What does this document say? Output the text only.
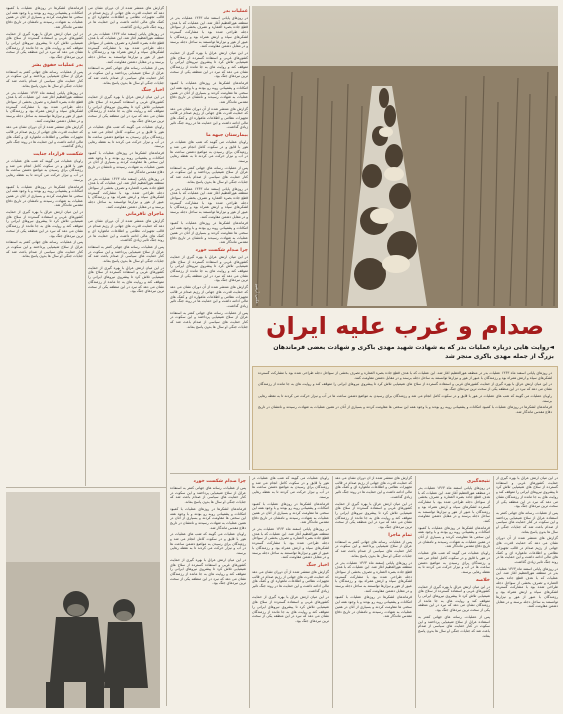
عکس: آرشیو
صدام و غرب علیه ایران
◄روایت هایی درباره عملیات بدر که به شهادت شهید مهدی باکری و شهادت بعضی فرماندهان بزرگ از جمله مهدی باکری منجر شد

در روزهای پایانی اسفند ماه ۱۳۶۳ عملیات بدر در منطقه هورالعظیم آغاز شد. این عملیات که با هدف قطع جاده بصره العماره و تصرف بخشی از سواحل دجله طراحی شده بود با مشارکت گسترده لشکرهای سپاه و ارتش همراه بود و رزمندگان با عبور از هور و نیزارها توانستند به ساحل دجله برسند و در مقابل دشمن مقاومت کنند.

در این میان ارتش عراق با بهره گیری از حمایت کشورهای غربی و استفاده گسترده از سلاح های شیمیایی تلاش کرد تا پیشروی نیروهای ایرانی را متوقف کند و روایت های به جا مانده از رزمندگان نشان می دهد که نبرد در این منطقه یکی از سخت ترین نبردهای جنگ بود.

راویان عملیات می گویند که شب های عملیات در هور با قایق و در سکوت کامل انجام می شد و رزمندگان برای رسیدن به مواضع دشمن ساعت ها در آب و نیزار حرکت می کردند تا به نقطه رهایی برسند.

فرماندهان لشکرها در روزهای عملیات با کمبود امکانات و پشتیبانی روبه رو بودند و با وجود همه این سختی ها مقاومت کردند و بسیاری از آنان در همین عملیات به شهادت رسیدند و نامشان در تاریخ دفاع مقدس ماندگار شد.

عملیات بدر

در روزهای پایانی اسفند ماه ۱۳۶۳ عملیات بدر در منطقه هورالعظیم آغاز شد. این عملیات که با هدف قطع جاده بصره العماره و تصرف بخشی از سواحل دجله طراحی شده بود با مشارکت گسترده لشکرهای سپاه و ارتش همراه بود و رزمندگان با عبور از هور و نیزارها توانستند به ساحل دجله برسند و در مقابل دشمن مقاومت کنند.

در این میان ارتش عراق با بهره گیری از حمایت کشورهای غربی و استفاده گسترده از سلاح های شیمیایی تلاش کرد تا پیشروی نیروهای ایرانی را متوقف کند و روایت های به جا مانده از رزمندگان نشان می دهد که نبرد در این منطقه یکی از سخت ترین نبردهای جنگ بود.

فرماندهان لشکرها در روزهای عملیات با کمبود امکانات و پشتیبانی روبه رو بودند و با وجود همه این سختی ها مقاومت کردند و بسیاری از آنان در همین عملیات به شهادت رسیدند و نامشان در تاریخ دفاع مقدس ماندگار شد.

گزارش های منتشر شده از آن دوران نشان می دهد که حمایت قدرت های جهانی از رژیم صدام در قالب تجهیزات نظامی و اطلاعات ماهواره ای و کمک های مالی ادامه داشت و این حمایت ها در روند جنگ تاثیر زیادی گذاشت.

بیمارستان جبهه ما

راویان عملیات می گویند که شب های عملیات در هور با قایق و در سکوت کامل انجام می شد و رزمندگان برای رسیدن به مواضع دشمن ساعت ها در آب و نیزار حرکت می کردند تا به نقطه رهایی برسند.

پس از عملیات، رسانه های جهانی کمتر به استفاده عراق از سلاح شیمیایی پرداختند و این سکوت در کنار حمایت های سیاسی از صدام باعث شد که جنایات جنگی او سال ها بدون پاسخ بماند.

در روزهای پایانی اسفند ماه ۱۳۶۳ عملیات بدر در منطقه هورالعظیم آغاز شد. این عملیات که با هدف قطع جاده بصره العماره و تصرف بخشی از سواحل دجله طراحی شده بود با مشارکت گسترده لشکرهای سپاه و ارتش همراه بود و رزمندگان با عبور از هور و نیزارها توانستند به ساحل دجله برسند و در مقابل دشمن مقاومت کنند.

فرماندهان لشکرها در روزهای عملیات با کمبود امکانات و پشتیبانی روبه رو بودند و با وجود همه این سختی ها مقاومت کردند و بسیاری از آنان در همین عملیات به شهادت رسیدند و نامشان در تاریخ دفاع مقدس ماندگار شد.

چرا صدام شکست خورد

در این میان ارتش عراق با بهره گیری از حمایت کشورهای غربی و استفاده گسترده از سلاح های شیمیایی تلاش کرد تا پیشروی نیروهای ایرانی را متوقف کند و روایت های به جا مانده از رزمندگان نشان می دهد که نبرد در این منطقه یکی از سخت ترین نبردهای جنگ بود.

گزارش های منتشر شده از آن دوران نشان می دهد که حمایت قدرت های جهانی از رژیم صدام در قالب تجهیزات نظامی و اطلاعات ماهواره ای و کمک های مالی ادامه داشت و این حمایت ها در روند جنگ تاثیر زیادی گذاشت.

پس از عملیات، رسانه های جهانی کمتر به استفاده عراق از سلاح شیمیایی پرداختند و این سکوت در کنار حمایت های سیاسی از صدام باعث شد که جنایات جنگی او سال ها بدون پاسخ بماند.

گزارش های منتشر شده از آن دوران نشان می دهد که حمایت قدرت های جهانی از رژیم صدام در قالب تجهیزات نظامی و اطلاعات ماهواره ای و کمک های مالی ادامه داشت و این حمایت ها در روند جنگ تاثیر زیادی گذاشت.

در روزهای پایانی اسفند ماه ۱۳۶۳ عملیات بدر در منطقه هورالعظیم آغاز شد. این عملیات که با هدف قطع جاده بصره العماره و تصرف بخشی از سواحل دجله طراحی شده بود با مشارکت گسترده لشکرهای سپاه و ارتش همراه بود و رزمندگان با عبور از هور و نیزارها توانستند به ساحل دجله برسند و در مقابل دشمن مقاومت کنند.

پس از عملیات، رسانه های جهانی کمتر به استفاده عراق از سلاح شیمیایی پرداختند و این سکوت در کنار حمایت های سیاسی از صدام باعث شد که جنایات جنگی او سال ها بدون پاسخ بماند.

اخبار جنگ

در این میان ارتش عراق با بهره گیری از حمایت کشورهای غربی و استفاده گسترده از سلاح های شیمیایی تلاش کرد تا پیشروی نیروهای ایرانی را متوقف کند و روایت های به جا مانده از رزمندگان نشان می دهد که نبرد در این منطقه یکی از سخت ترین نبردهای جنگ بود.

راویان عملیات می گویند که شب های عملیات در هور با قایق و در سکوت کامل انجام می شد و رزمندگان برای رسیدن به مواضع دشمن ساعت ها در آب و نیزار حرکت می کردند تا به نقطه رهایی برسند.

فرماندهان لشکرها در روزهای عملیات با کمبود امکانات و پشتیبانی روبه رو بودند و با وجود همه این سختی ها مقاومت کردند و بسیاری از آنان در همین عملیات به شهادت رسیدند و نامشان در تاریخ دفاع مقدس ماندگار شد.

در روزهای پایانی اسفند ماه ۱۳۶۳ عملیات بدر در منطقه هورالعظیم آغاز شد. این عملیات که با هدف قطع جاده بصره العماره و تصرف بخشی از سواحل دجله طراحی شده بود با مشارکت گسترده لشکرهای سپاه و ارتش همراه بود و رزمندگان با عبور از هور و نیزارها توانستند به ساحل دجله برسند و در مقابل دشمن مقاومت کنند.

ماجرای نافرمانی

گزارش های منتشر شده از آن دوران نشان می دهد که حمایت قدرت های جهانی از رژیم صدام در قالب تجهیزات نظامی و اطلاعات ماهواره ای و کمک های مالی ادامه داشت و این حمایت ها در روند جنگ تاثیر زیادی گذاشت.

پس از عملیات، رسانه های جهانی کمتر به استفاده عراق از سلاح شیمیایی پرداختند و این سکوت در کنار حمایت های سیاسی از صدام باعث شد که جنایات جنگی او سال ها بدون پاسخ بماند.

در این میان ارتش عراق با بهره گیری از حمایت کشورهای غربی و استفاده گسترده از سلاح های شیمیایی تلاش کرد تا پیشروی نیروهای ایرانی را متوقف کند و روایت های به جا مانده از رزمندگان نشان می دهد که نبرد در این منطقه یکی از سخت ترین نبردهای جنگ بود.

فرماندهان لشکرها در روزهای عملیات با کمبود امکانات و پشتیبانی روبه رو بودند و با وجود همه این سختی ها مقاومت کردند و بسیاری از آنان در همین عملیات به شهادت رسیدند و نامشان در تاریخ دفاع مقدس ماندگار شد.

در این میان ارتش عراق با بهره گیری از حمایت کشورهای غربی و استفاده گسترده از سلاح های شیمیایی تلاش کرد تا پیشروی نیروهای ایرانی را متوقف کند و روایت های به جا مانده از رزمندگان نشان می دهد که نبرد در این منطقه یکی از سخت ترین نبردهای جنگ بود.

بدر عملیات حقوق بشر

پس از عملیات، رسانه های جهانی کمتر به استفاده عراق از سلاح شیمیایی پرداختند و این سکوت در کنار حمایت های سیاسی از صدام باعث شد که جنایات جنگی او سال ها بدون پاسخ بماند.

در روزهای پایانی اسفند ماه ۱۳۶۳ عملیات بدر در منطقه هورالعظیم آغاز شد. این عملیات که با هدف قطع جاده بصره العماره و تصرف بخشی از سواحل دجله طراحی شده بود با مشارکت گسترده لشکرهای سپاه و ارتش همراه بود و رزمندگان با عبور از هور و نیزارها توانستند به ساحل دجله برسند و در مقابل دشمن مقاومت کنند.

گزارش های منتشر شده از آن دوران نشان می دهد که حمایت قدرت های جهانی از رژیم صدام در قالب تجهیزات نظامی و اطلاعات ماهواره ای و کمک های مالی ادامه داشت و این حمایت ها در روند جنگ تاثیر زیادی گذاشت.

شکست قرارداد جنایت

راویان عملیات می گویند که شب های عملیات در هور با قایق و در سکوت کامل انجام می شد و رزمندگان برای رسیدن به مواضع دشمن ساعت ها در آب و نیزار حرکت می کردند تا به نقطه رهایی برسند.

فرماندهان لشکرها در روزهای عملیات با کمبود امکانات و پشتیبانی روبه رو بودند و با وجود همه این سختی ها مقاومت کردند و بسیاری از آنان در همین عملیات به شهادت رسیدند و نامشان در تاریخ دفاع مقدس ماندگار شد.

در این میان ارتش عراق با بهره گیری از حمایت کشورهای غربی و استفاده گسترده از سلاح های شیمیایی تلاش کرد تا پیشروی نیروهای ایرانی را متوقف کند و روایت های به جا مانده از رزمندگان نشان می دهد که نبرد در این منطقه یکی از سخت ترین نبردهای جنگ بود.

پس از عملیات، رسانه های جهانی کمتر به استفاده عراق از سلاح شیمیایی پرداختند و این سکوت در کنار حمایت های سیاسی از صدام باعث شد که جنایات جنگی او سال ها بدون پاسخ بماند.

در این میان ارتش عراق با بهره گیری از حمایت کشورهای غربی و استفاده گسترده از سلاح های شیمیایی تلاش کرد تا پیشروی نیروهای ایرانی را متوقف کند و روایت های به جا مانده از رزمندگان نشان می دهد که نبرد در این منطقه یکی از سخت ترین نبردهای جنگ بود.

پس از عملیات، رسانه های جهانی کمتر به استفاده عراق از سلاح شیمیایی پرداختند و این سکوت در کنار حمایت های سیاسی از صدام باعث شد که جنایات جنگی او سال ها بدون پاسخ بماند.

گزارش های منتشر شده از آن دوران نشان می دهد که حمایت قدرت های جهانی از رژیم صدام در قالب تجهیزات نظامی و اطلاعات ماهواره ای و کمک های مالی ادامه داشت و این حمایت ها در روند جنگ تاثیر زیادی گذاشت.

در روزهای پایانی اسفند ماه ۱۳۶۳ عملیات بدر در منطقه هورالعظیم آغاز شد. این عملیات که با هدف قطع جاده بصره العماره و تصرف بخشی از سواحل دجله طراحی شده بود با مشارکت گسترده لشکرهای سپاه و ارتش همراه بود و رزمندگان با عبور از هور و نیزارها توانستند به ساحل دجله برسند و در مقابل دشمن مقاومت کنند.

نتیجه‌گیری

در روزهای پایانی اسفند ماه ۱۳۶۳ عملیات بدر در منطقه هورالعظیم آغاز شد. این عملیات که با هدف قطع جاده بصره العماره و تصرف بخشی از سواحل دجله طراحی شده بود با مشارکت گسترده لشکرهای سپاه و ارتش همراه بود و رزمندگان با عبور از هور و نیزارها توانستند به ساحل دجله برسند و در مقابل دشمن مقاومت کنند.

فرماندهان لشکرها در روزهای عملیات با کمبود امکانات و پشتیبانی روبه رو بودند و با وجود همه این سختی ها مقاومت کردند و بسیاری از آنان در همین عملیات به شهادت رسیدند و نامشان در تاریخ دفاع مقدس ماندگار شد.

راویان عملیات می گویند که شب های عملیات در هور با قایق و در سکوت کامل انجام می شد و رزمندگان برای رسیدن به مواضع دشمن ساعت ها در آب و نیزار حرکت می کردند تا به نقطه رهایی برسند.

خلاصه

در این میان ارتش عراق با بهره گیری از حمایت کشورهای غربی و استفاده گسترده از سلاح های شیمیایی تلاش کرد تا پیشروی نیروهای ایرانی را متوقف کند و روایت های به جا مانده از رزمندگان نشان می دهد که نبرد در این منطقه یکی از سخت ترین نبردهای جنگ بود.

پس از عملیات، رسانه های جهانی کمتر به استفاده عراق از سلاح شیمیایی پرداختند و این سکوت در کنار حمایت های سیاسی از صدام باعث شد که جنایات جنگی او سال ها بدون پاسخ بماند.

گزارش های منتشر شده از آن دوران نشان می دهد که حمایت قدرت های جهانی از رژیم صدام در قالب تجهیزات نظامی و اطلاعات ماهواره ای و کمک های مالی ادامه داشت و این حمایت ها در روند جنگ تاثیر زیادی گذاشت.

در این میان ارتش عراق با بهره گیری از حمایت کشورهای غربی و استفاده گسترده از سلاح های شیمیایی تلاش کرد تا پیشروی نیروهای ایرانی را متوقف کند و روایت های به جا مانده از رزمندگان نشان می دهد که نبرد در این منطقه یکی از سخت ترین نبردهای جنگ بود.

تمام ماجرا

پس از عملیات، رسانه های جهانی کمتر به استفاده عراق از سلاح شیمیایی پرداختند و این سکوت در کنار حمایت های سیاسی از صدام باعث شد که جنایات جنگی او سال ها بدون پاسخ بماند.

در روزهای پایانی اسفند ماه ۱۳۶۳ عملیات بدر در منطقه هورالعظیم آغاز شد. این عملیات که با هدف قطع جاده بصره العماره و تصرف بخشی از سواحل دجله طراحی شده بود با مشارکت گسترده لشکرهای سپاه و ارتش همراه بود و رزمندگان با عبور از هور و نیزارها توانستند به ساحل دجله برسند و در مقابل دشمن مقاومت کنند.

فرماندهان لشکرها در روزهای عملیات با کمبود امکانات و پشتیبانی روبه رو بودند و با وجود همه این سختی ها مقاومت کردند و بسیاری از آنان در همین عملیات به شهادت رسیدند و نامشان در تاریخ دفاع مقدس ماندگار شد.

راویان عملیات می گویند که شب های عملیات در هور با قایق و در سکوت کامل انجام می شد و رزمندگان برای رسیدن به مواضع دشمن ساعت ها در آب و نیزار حرکت می کردند تا به نقطه رهایی برسند.

فرماندهان لشکرها در روزهای عملیات با کمبود امکانات و پشتیبانی روبه رو بودند و با وجود همه این سختی ها مقاومت کردند و بسیاری از آنان در همین عملیات به شهادت رسیدند و نامشان در تاریخ دفاع مقدس ماندگار شد.

در روزهای پایانی اسفند ماه ۱۳۶۳ عملیات بدر در منطقه هورالعظیم آغاز شد. این عملیات که با هدف قطع جاده بصره العماره و تصرف بخشی از سواحل دجله طراحی شده بود با مشارکت گسترده لشکرهای سپاه و ارتش همراه بود و رزمندگان با عبور از هور و نیزارها توانستند به ساحل دجله برسند و در مقابل دشمن مقاومت کنند.

اخبار جنگ

گزارش های منتشر شده از آن دوران نشان می دهد که حمایت قدرت های جهانی از رژیم صدام در قالب تجهیزات نظامی و اطلاعات ماهواره ای و کمک های مالی ادامه داشت و این حمایت ها در روند جنگ تاثیر زیادی گذاشت.

در این میان ارتش عراق با بهره گیری از حمایت کشورهای غربی و استفاده گسترده از سلاح های شیمیایی تلاش کرد تا پیشروی نیروهای ایرانی را متوقف کند و روایت های به جا مانده از رزمندگان نشان می دهد که نبرد در این منطقه یکی از سخت ترین نبردهای جنگ بود.

چرا صدام شکست خورد

پس از عملیات، رسانه های جهانی کمتر به استفاده عراق از سلاح شیمیایی پرداختند و این سکوت در کنار حمایت های سیاسی از صدام باعث شد که جنایات جنگی او سال ها بدون پاسخ بماند.

فرماندهان لشکرها در روزهای عملیات با کمبود امکانات و پشتیبانی روبه رو بودند و با وجود همه این سختی ها مقاومت کردند و بسیاری از آنان در همین عملیات به شهادت رسیدند و نامشان در تاریخ دفاع مقدس ماندگار شد.

راویان عملیات می گویند که شب های عملیات در هور با قایق و در سکوت کامل انجام می شد و رزمندگان برای رسیدن به مواضع دشمن ساعت ها در آب و نیزار حرکت می کردند تا به نقطه رهایی برسند.

در این میان ارتش عراق با بهره گیری از حمایت کشورهای غربی و استفاده گسترده از سلاح های شیمیایی تلاش کرد تا پیشروی نیروهای ایرانی را متوقف کند و روایت های به جا مانده از رزمندگان نشان می دهد که نبرد در این منطقه یکی از سخت ترین نبردهای جنگ بود.
